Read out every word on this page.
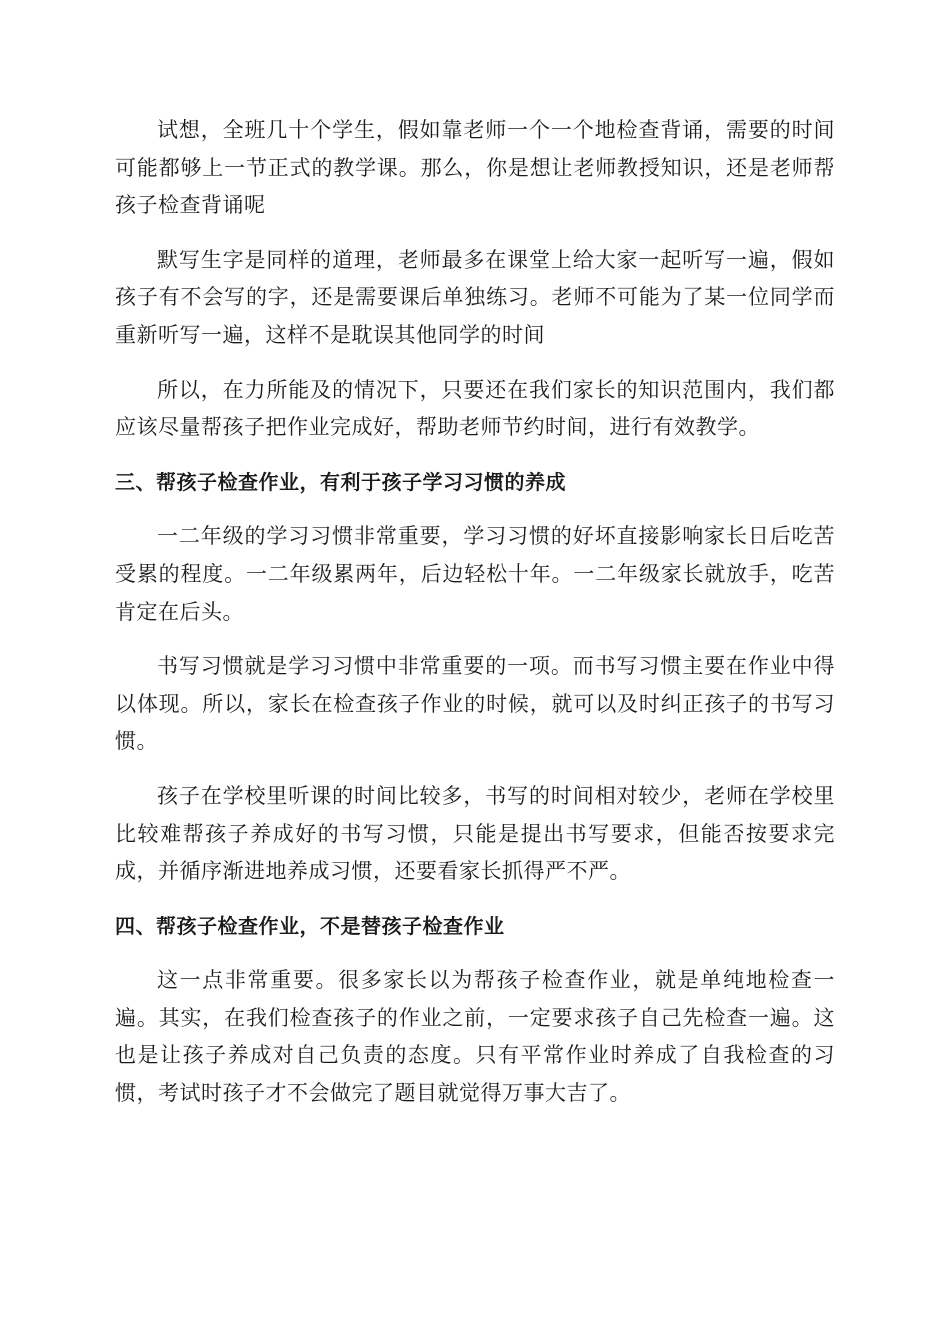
试想，全班几十个学生，假如靠老师一个一个地检查背诵，需要的时间可能都够上一节正式的教学课。那么，你是想让老师教授知识，还是老师帮孩子检查背诵呢

默写生字是同样的道理，老师最多在课堂上给大家一起听写一遍，假如孩子有不会写的字，还是需要课后单独练习。老师不可能为了某一位同学而重新听写一遍，这样不是耽误其他同学的时间

所以，在力所能及的情况下，只要还在我们家长的知识范围内，我们都应该尽量帮孩子把作业完成好，帮助老师节约时间，进行有效教学。

三、帮孩子检查作业，有利于孩子学习习惯的养成

一二年级的学习习惯非常重要，学习习惯的好坏直接影响家长日后吃苦受累的程度。一二年级累两年，后边轻松十年。一二年级家长就放手，吃苦肯定在后头。

书写习惯就是学习习惯中非常重要的一项。而书写习惯主要在作业中得以体现。所以，家长在检查孩子作业的时候，就可以及时纠正孩子的书写习惯。

孩子在学校里听课的时间比较多，书写的时间相对较少，老师在学校里比较难帮孩子养成好的书写习惯，只能是提出书写要求，但能否按要求完成，并循序渐进地养成习惯，还要看家长抓得严不严。

四、帮孩子检查作业，不是替孩子检查作业

这一点非常重要。很多家长以为帮孩子检查作业，就是单纯地检查一遍。其实，在我们检查孩子的作业之前，一定要求孩子自己先检查一遍。这也是让孩子养成对自己负责的态度。只有平常作业时养成了自我检查的习惯，考试时孩子才不会做完了题目就觉得万事大吉了。
